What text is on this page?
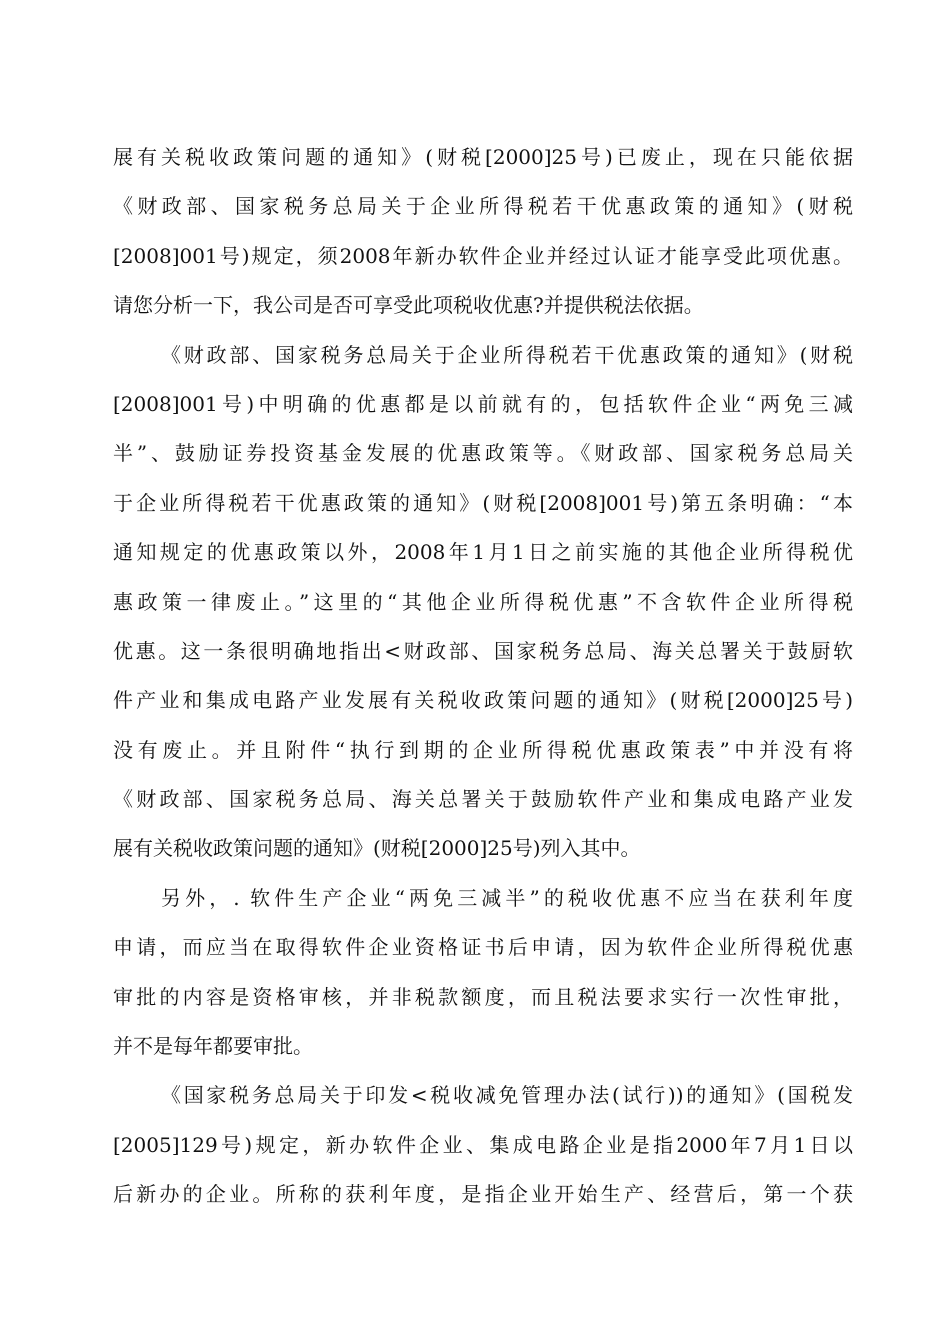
展有关税收政策问题的通知》(财税[2000]25号)已废止，现在只能依据
《财政部、国家税务总局关于企业所得税若干优惠政策的通知》(财税
[2008]001号)规定，须2008年新办软件企业并经过认证才能享受此项优惠。
请您分析一下，我公司是否可享受此项税收优惠?并提供税法依据。
《财政部、国家税务总局关于企业所得税若干优惠政策的通知》(财税
[2008]001号)中明确的优惠都是以前就有的，包括软件企业“两免三减
半”、鼓励证券投资基金发展的优惠政策等。《财政部、国家税务总局关
于企业所得税若干优惠政策的通知》(财税[2008]001号)第五条明确：“本
通知规定的优惠政策以外，2008年1月1日之前实施的其他企业所得税优
惠政策一律废止。”这里的“其他企业所得税优惠”不含软件企业所得税
优惠。这一条很明确地指出<财政部、国家税务总局、海关总署关于鼓厨软
件产业和集成电路产业发展有关税收政策问题的通知》(财税[2000]25号)
没有废止。并且附件“执行到期的企业所得税优惠政策表”中并没有将
《财政部、国家税务总局、海关总署关于鼓励软件产业和集成电路产业发
展有关税收政策问题的通知》(财税[2000]25号)列入其中。
另外，. 软件生产企业“两免三减半”的税收优惠不应当在获利年度
申请，而应当在取得软件企业资格证书后申请，因为软件企业所得税优惠
审批的内容是资格审核，并非税款额度，而且税法要求实行一次性审批，
并不是每年都要审批。
《国家税务总局关于印发<税收减免管理办法(试行))的通知》(国税发
[2005]129号)规定，新办软件企业、集成电路企业是指2000年7月1日以
后新办的企业。所称的获利年度，是指企业开始生产、经营后，第一个获
